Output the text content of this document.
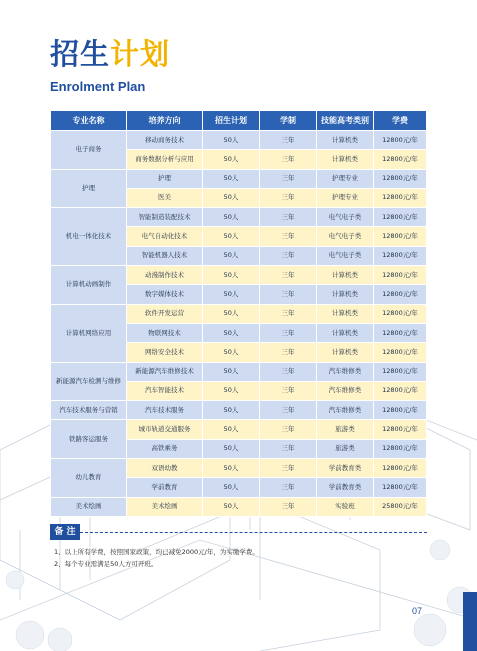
招生计划
Enrolment Plan
专业名称	培养方向	招生计划	学制	技能高考类别	学费
电子商务	移动商务技术	50人	三年	计算机类	12800元/年
	商务数据分析与应用	50人	三年	计算机类	12800元/年
护理	护理	50人	三年	护理专业	12800元/年
	医美	50人	三年	护理专业	12800元/年
机电一体化技术	智能制造装配技术	50人	三年	电气电子类	12800元/年
	电气自动化技术	50人	三年	电气电子类	12800元/年
	智能机器人技术	50人	三年	电气电子类	12800元/年
计算机动画制作	动漫制作技术	50人	三年	计算机类	12800元/年
	数字媒体技术	50人	三年	计算机类	12800元/年
计算机网络应用	软件开发运营	50人	三年	计算机类	12800元/年
	物联网技术	50人	三年	计算机类	12800元/年
	网络安全技术	50人	三年	计算机类	12800元/年
新能源汽车检测与维修	新能源汽车维修技术	50人	三年	汽车维修类	12800元/年
	汽车智能技术	50人	三年	汽车维修类	12800元/年
汽车技术服务与营销	汽车技术服务	50人	三年	汽车维修类	12800元/年
铁路客运服务	城市轨道交通服务	50人	三年	旅游类	12800元/年
	高铁乘务	50人	三年	旅游类	12800元/年
幼儿教育	双语幼教	50人	三年	学前教育类	12800元/年
	学前教育	50人	三年	学前教育类	12800元/年
美术绘画	美术绘画	50人	三年	实验班	25800元/年
备 注
1、以上所有学费，按照国家政策，均已减免2000元/年，为实缴学费。
2、每个专业需满足50人方可开班。
07
